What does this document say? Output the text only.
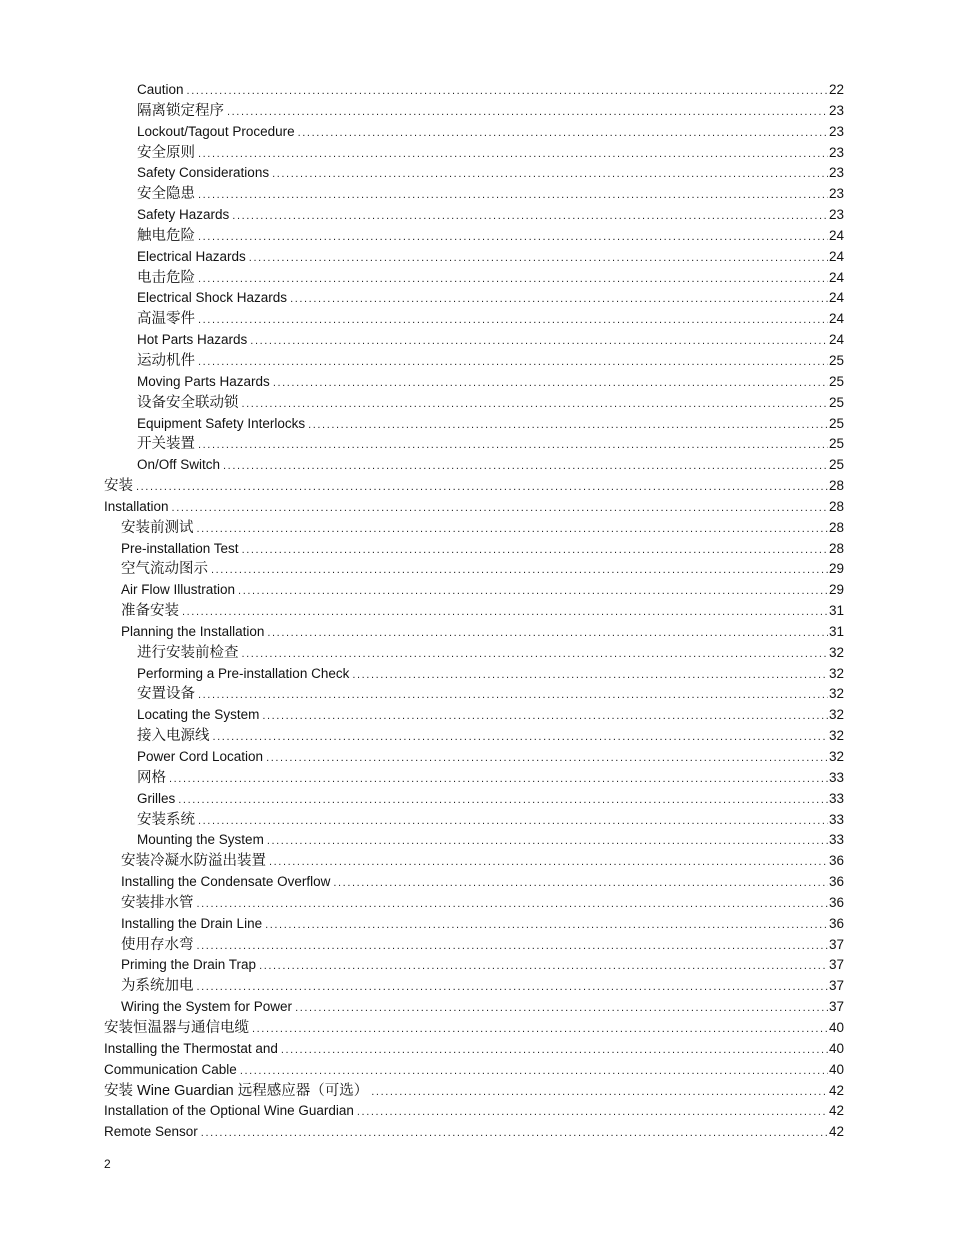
Caution .....	22
隔离锁定程序 .....	23
Lockout/Tagout Procedure .....	23
安全原则 .....	23
Safety Considerations .....	23
安全隐患 .....	23
Safety Hazards .....	23
触电危险 .....	24
Electrical Hazards .....	24
电击危险 .....	24
Electrical Shock Hazards .....	24
高温零件 .....	24
Hot Parts Hazards .....	24
运动机件 .....	25
Moving Parts Hazards .....	25
设备安全联动锁 .....	25
Equipment Safety Interlocks .....	25
开关装置 .....	25
On/Off Switch .....	25
安装 .....	28
Installation .....	28
安装前测试 .....	28
Pre-installation Test .....	28
空气流动图示 .....	29
Air Flow Illustration .....	29
准备安装 .....	31
Planning the Installation .....	31
进行安装前检查 .....	32
Performing a Pre-installation Check .....	32
安置设备 .....	32
Locating the System .....	32
接入电源线 .....	32
Power Cord Location .....	32
网格 .....	33
Grilles .....	33
安装系统 .....	33
Mounting the System .....	33
安装冷凝水防溢出装置 .....	36
Installing the Condensate Overflow .....	36
安装排水管 .....	36
Installing the Drain Line .....	36
使用存水弯 .....	37
Priming the Drain Trap .....	37
为系统加电 .....	37
Wiring the System for Power .....	37
安装恒温器与通信电缆 .....	40
Installing the Thermostat and .....	40
Communication Cable .....	40
安装 Wine Guardian 远程感应器（可选） .....	42
Installation of the Optional Wine Guardian .....	42
Remote Sensor .....	42
2
